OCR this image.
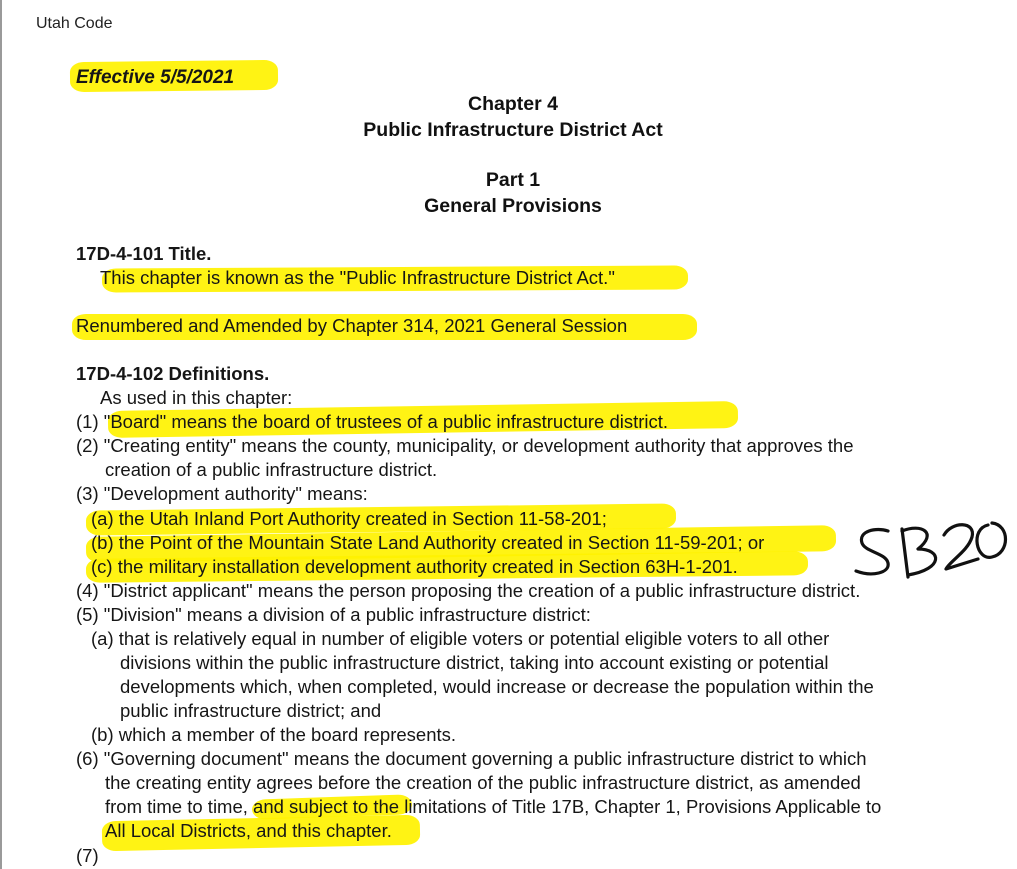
Utah Code
Effective 5/5/2021
Chapter 4
Public Infrastructure District Act
Part 1
General Provisions
17D-4-101 Title.
This chapter is known as the "Public Infrastructure District Act."
Renumbered and Amended by Chapter 314, 2021 General Session
17D-4-102 Definitions.
As used in this chapter:
(1) "Board" means the board of trustees of a public infrastructure district.
(2) "Creating entity" means the county, municipality, or development authority that approves the
creation of a public infrastructure district.
(3) "Development authority" means:
(a) the Utah Inland Port Authority created in Section 11-58-201;
(b) the Point of the Mountain State Land Authority created in Section 11-59-201; or
(c) the military installation development authority created in Section 63H-1-201.
(4) "District applicant" means the person proposing the creation of a public infrastructure district.
(5) "Division" means a division of a public infrastructure district:
(a) that is relatively equal in number of eligible voters or potential eligible voters to all other
divisions within the public infrastructure district, taking into account existing or potential
developments which, when completed, would increase or decrease the population within the
public infrastructure district; and
(b) which a member of the board represents.
(6) "Governing document" means the document governing a public infrastructure district to which
the creating entity agrees before the creation of the public infrastructure district, as amended
from time to time, and subject to the limitations of Title 17B, Chapter 1, Provisions Applicable to
All Local Districts, and this chapter.
(7)
